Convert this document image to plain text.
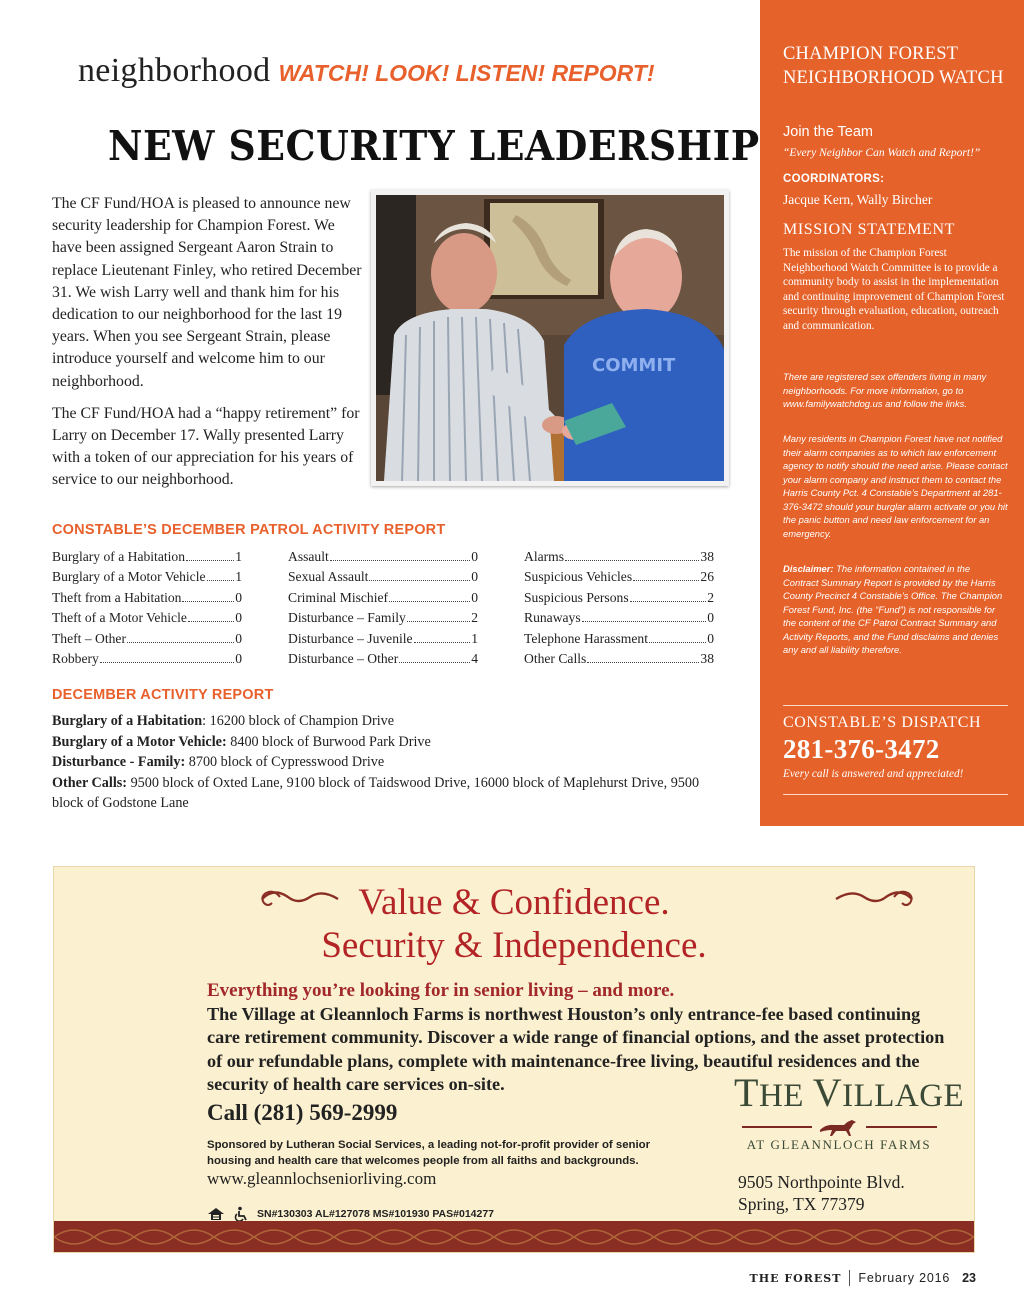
neighborhood WATCH! LOOK! LISTEN! REPORT!
NEW SECURITY LEADERSHIP

The CF Fund/HOA is pleased to announce new security leadership for Champion Forest. We have been assigned Sergeant Aaron Strain to replace Lieutenant Finley, who retired December 31. We wish Larry well and thank him for his dedication to our neighborhood for the last 19 years. When you see Sergeant Strain, please introduce yourself and welcome him to our neighborhood.

The CF Fund/HOA had a “happy retirement” for Larry on December 17. Wally presented Larry with a token of our appreciation for his years of service to our neighborhood.

COMMIT
CONSTABLE’S DECEMBER PATROL ACTIVITY REPORT
Burglary of a Habitation	1
Burglary of a Motor Vehicle 1
Theft from a Habitation	0
Theft of a Motor Vehicle	0
Theft – Other	0
Robbery	0
Assault	0
Sexual Assault	0
Criminal Mischief	0
Disturbance – Family	2
Disturbance – Juvenile	1
Disturbance – Other	4
Alarms	38
Suspicious Vehicles	26
Suspicious Persons	2
Runaways	0
Telephone Harassment	0
Other Calls	38
DECEMBER ACTIVITY REPORT
Burglary of a Habitation: 16200 block of Champion Drive
Burglary of a Motor Vehicle: 8400 block of Burwood Park Drive
Disturbance - Family: 8700 block of Cypresswood Drive
Other Calls: 9500 block of Oxted Lane, 9100 block of Taidswood Drive, 16000 block of Maplehurst Drive, 9500 block of Godstone Lane
CHAMPION FOREST NEIGHBORHOOD WATCH
Join the Team
“Every Neighbor Can Watch and Report!”
COORDINATORS:
Jacque Kern, Wally Bircher
MISSION STATEMENT
The mission of the Champion Forest Neighborhood Watch Committee is to provide a community body to assist in the implementation and continuing improvement of Champion Forest security through evaluation, education, outreach and communication.
There are registered sex offenders living in many neighborhoods. For more information, go to www.familywatchdog.us and follow the links.
Many residents in Champion Forest have not notified their alarm companies as to which law enforcement agency to notify should the need arise. Please contact your alarm company and instruct them to contact the Harris County Pct. 4 Constable’s Department at 281-376-3472 should your burglar alarm activate or you hit the panic button and need law enforcement for an emergency.
Disclaimer: The information contained in the Contract Summary Report is provided by the Harris County Precinct 4 Constable’s Office. The Champion Forest Fund, Inc. (the “Fund”) is not responsible for the content of the CF Patrol Contract Summary and Activity Reports, and the Fund disclaims and denies any and all liability therefore.
CONSTABLE’S DISPATCH
281-376-3472
Every call is answered and appreciated!
Value & Confidence.
Security & Independence.
Everything you’re looking for in senior living – and more.
The Village at Gleannloch Farms is northwest Houston’s only entrance-fee based continuing care retirement community. Discover a wide range of financial options, and the asset protection of our refundable plans, complete with maintenance-free living, beautiful residences and the security of health care services on-site.
Call (281) 569-2999
Sponsored by Lutheran Social Services, a leading not-for-profit provider of senior housing and health care that welcomes people from all faiths and backgrounds.
www.gleannlochseniorliving.com
SN#130303 AL#127078 MS#101930 PAS#014277
THE VILLAGE
AT GLEANNLOCH FARMS
9505 Northpointe Blvd.
Spring, TX 77379
THE FOREST February 2016 23
